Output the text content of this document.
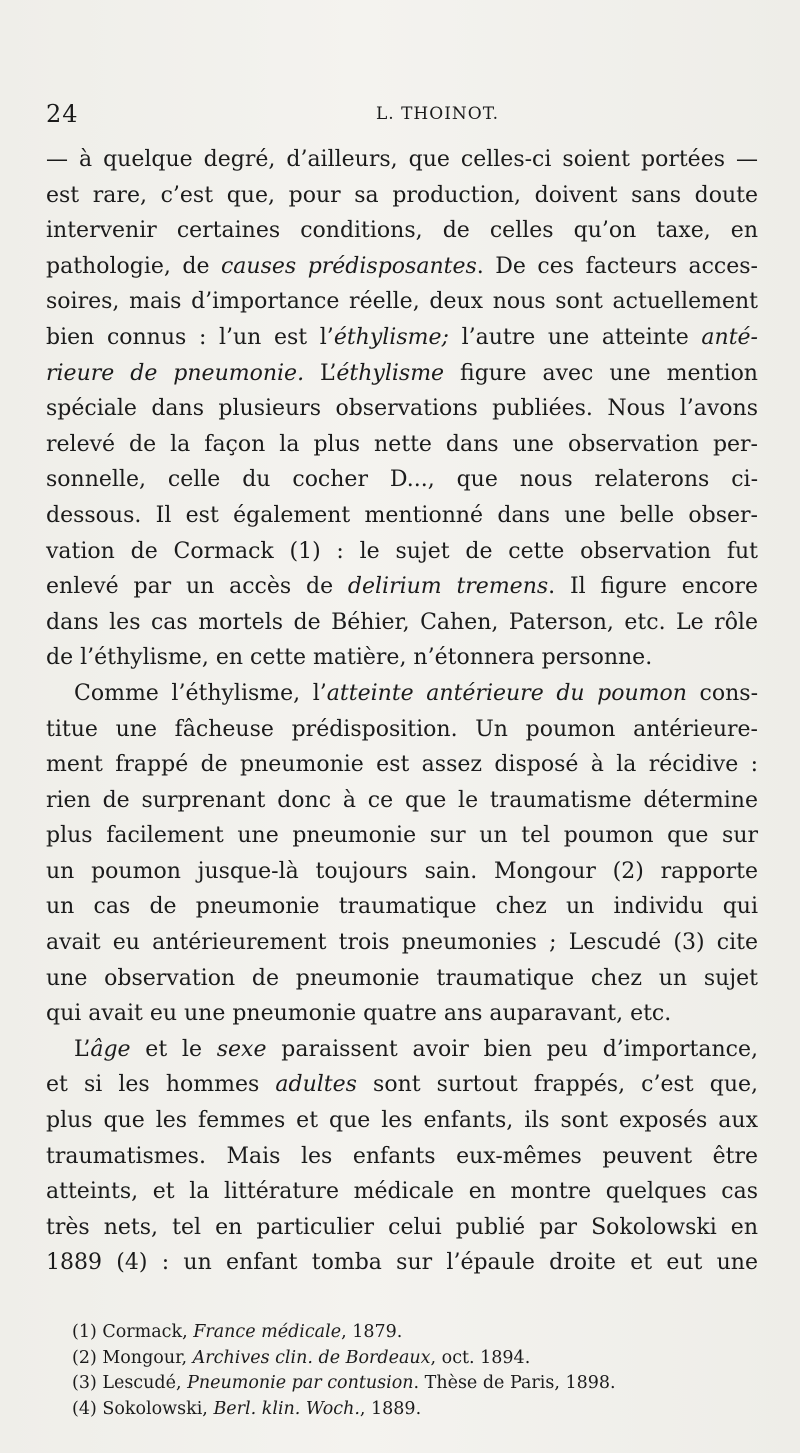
24	L. THOINOT.
— à quelque degré, d’ailleurs, que celles-ci soient portées —
est rare, c’est que, pour sa production, doivent sans doute
intervenir certaines conditions, de celles qu’on taxe, en
pathologie, de causes prédisposantes. De ces facteurs acces-
soires, mais d’importance réelle, deux nous sont actuellement
bien connus : l’un est l’éthylisme; l’autre une atteinte anté-
rieure de pneumonie. L’éthylisme figure avec une mention
spéciale dans plusieurs observations publiées. Nous l’avons
relevé de la façon la plus nette dans une observation per-
sonnelle, celle du cocher D..., que nous relaterons ci-
dessous. Il est également mentionné dans une belle obser-
vation de Cormack (1) : le sujet de cette observation fut
enlevé par un accès de delirium tremens. Il figure encore
dans les cas mortels de Béhier, Cahen, Paterson, etc. Le rôle
de l’éthylisme, en cette matière, n’étonnera personne.
Comme l’éthylisme, l’atteinte antérieure du poumon cons-
titue une fâcheuse prédisposition. Un poumon antérieure-
ment frappé de pneumonie est assez disposé à la récidive :
rien de surprenant donc à ce que le traumatisme détermine
plus facilement une pneumonie sur un tel poumon que sur
un poumon jusque-là toujours sain. Mongour (2) rapporte
un cas de pneumonie traumatique chez un individu qui
avait eu antérieurement trois pneumonies ; Lescudé (3) cite
une observation de pneumonie traumatique chez un sujet
qui avait eu une pneumonie quatre ans auparavant, etc.
L’âge et le sexe paraissent avoir bien peu d’importance,
et si les hommes adultes sont surtout frappés, c’est que,
plus que les femmes et que les enfants, ils sont exposés aux
traumatismes. Mais les enfants eux-mêmes peuvent être
atteints, et la littérature médicale en montre quelques cas
très nets, tel en particulier celui publié par Sokolowski en
1889 (4) : un enfant tomba sur l’épaule droite et eut une
(1) Cormack, France médicale, 1879.
(2) Mongour, Archives clin. de Bordeaux, oct. 1894.
(3) Lescudé, Pneumonie par contusion. Thèse de Paris, 1898.
(4) Sokolowski, Berl. klin. Woch., 1889.
